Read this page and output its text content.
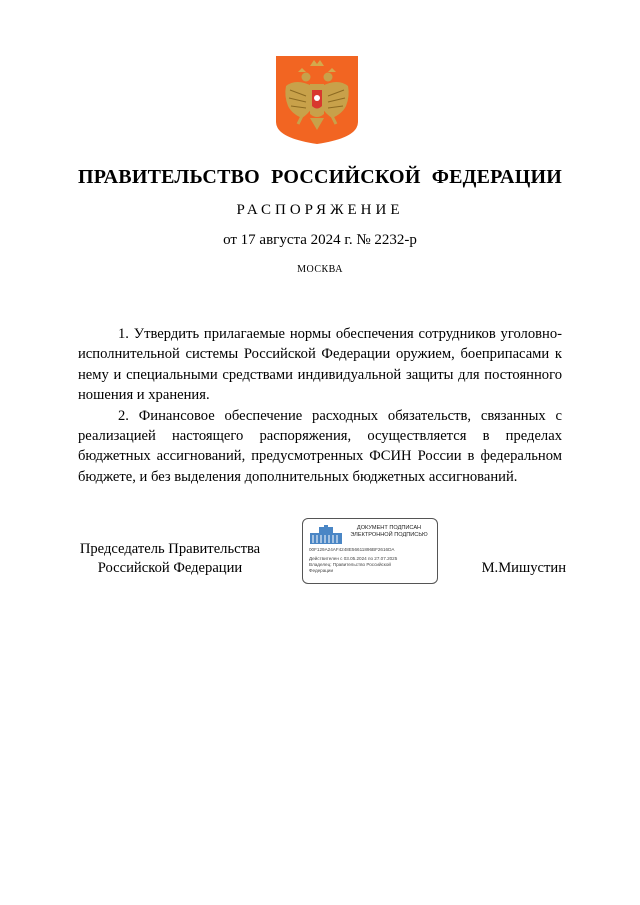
ПРАВИТЕЛЬСТВО РОССИЙСКОЙ ФЕДЕРАЦИИ
РАСПОРЯЖЕНИЕ
от 17 августа 2024 г. № 2232-р
МОСКВА

1. Утвердить прилагаемые нормы обеспечения сотрудников уголовно-исполнительной системы Российской Федерации оружием, боеприпасами к нему и специальными средствами индивидуальной защиты для постоянного ношения и хранения.

2. Финансовое обеспечение расходных обязательств, связанных с реализацией настоящего распоряжения, осуществляется в пределах бюджетных ассигнований, предусмотренных ФСИН России в федеральном бюджете, и без выделения дополнительных бюджетных ассигнований.

Председатель Правительства
Российской Федерации
ДОКУМЕНТ ПОДПИСАН
ЭЛЕКТРОННОЙ ПОДПИСЬЮ
00F129A24AF4248E56611896BF2616DA
Действителен с 03.05.2024 по 27.07.2025
Владелец: Правительство Российской
Федерации	М.Мишустин
